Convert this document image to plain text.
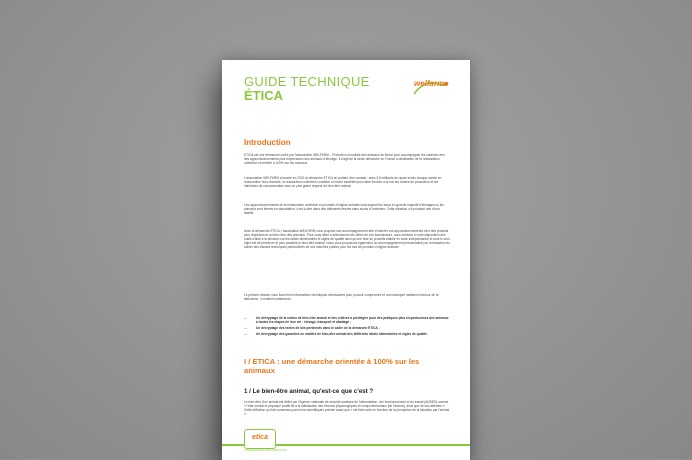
GUIDE TECHNIQUE
ÉTICA
welfarm
Introduction
ETICA est une démarche créée par l'association WELFARM – Protection mondiale des animaux de ferme pour accompagner les cantines vers des approvisionnements plus respectueux des animaux d'élevage. Il s'agit de la seule démarche en France à destination de la restauration collective et centrée à 100% sur les animaux.
L'association WELFARM a lancée en 2019 la démarche ETICA en partant d'un constat : avec 3,8 milliards de repas servis chaque année en restauration hors domicile, la restauration collective constitue un levier essentiel pour faire évoluer à la fois les modes de production et les habitudes de consommation vers un plus grand respect du bien-être animal.
Les approvisionnements de la restauration collective en produits d'origine animale sont aujourd'hui issus en grande majorité d'élevages où les animaux sont élevés en claustration, c'est-à-dire dans des bâtiments fermés sans accès à l'extérieur. Cette situation n'a pourtant rien d'une fatalité.
Avec la démarche ETICA, l'association WELFARM vous propose son accompagnement afin d'orienter vos approvisionnements vers des produits plus respectueux du bien-être des animaux. Pour vous aider à sélectionner les offres de vos fournisseurs, nous mettons à votre disposition des outils d'aide à la décision sur les labels alimentaires et sigles de qualité ainsi qu'une liste de produits établie en toute indépendance et dont le seul objet est de préserver le plus possible le bien-être animal. Nous vous proposons également un accompagnement personnalisé par la rédaction du cahier des clauses techniques particulières de vos marchés publics pour les lots de produits d'origine animale.
Le présent dossier vous fournit les informations techniques nécessaires pour pouvoir comprendre et communiquer facilement autour de la démarche. Il contient notamment :
—	Un décryptage de la notion de bien-être animal et des critères à privilégier pour des pratiques plus respectueuses des animaux à toutes les étapes de leur vie : élevage, transport et abattage ;
—	Un décryptage des textes de lois pertinents dans le cadre de la démarche ETICA ;
—	Un décryptage des garanties en matière de bien-être animal des différents labels alimentaires et sigles de qualité.
I / ETICA : une démarche orientée à 100% sur les animaux
1 / Le bien-être animal, qu'est-ce que c'est ?
Le bien-être d'un animal est défini par l'Agence nationale de sécurité sanitaire de l'alimentation, de l'environnement et du travail (ANSES) comme « l'état mental et physique positif lié à la satisfaction des besoins physiologiques et comportementaux [de l'animal], ainsi que de ses attentes ». Cette définition qui fait consensus parmi les scientifiques précise aussi que « cet état varie en fonction de la perception de la situation par l'animal ».
etica
UNE DÉMARCHE WELFARM ETICA
